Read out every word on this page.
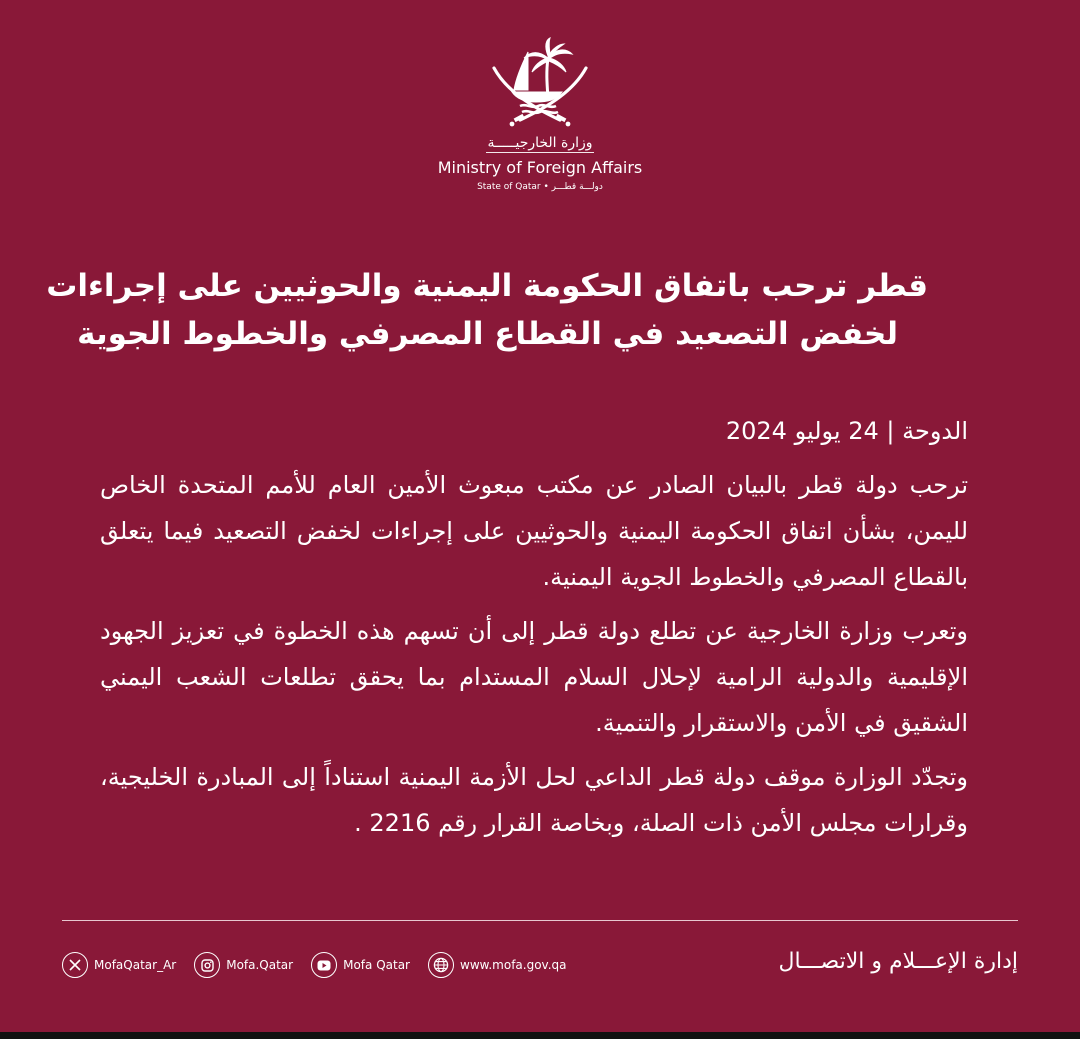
وزارة الخارجيـــــة
Ministry of Foreign Affairs
State of Qatar • دولـــة قطـــر
قطر ترحب باتفاق الحكومة اليمنية والحوثيين على إجراءات
لخفض التصعيد في القطاع المصرفي والخطوط الجوية

الدوحة | 24 يوليو 2024

ترحب دولة قطر بالبيان الصادر عن مكتب مبعوث الأمين العام للأمم المتحدة الخاص لليمن، بشأن اتفاق الحكومة اليمنية والحوثيين على إجراءات لخفض التصعيد فيما يتعلق بالقطاع المصرفي والخطوط الجوية اليمنية.

وتعرب وزارة الخارجية عن تطلع دولة قطر إلى أن تسهم هذه الخطوة في تعزيز الجهود الإقليمية والدولية الرامية لإحلال السلام المستدام بما يحقق تطلعات الشعب اليمني الشقيق في الأمن والاستقرار والتنمية.

وتجدّد الوزارة موقف دولة قطر الداعي لحل الأزمة اليمنية استناداً إلى المبادرة الخليجية، وقرارات مجلس الأمن ذات الصلة، وبخاصة القرار رقم 2216 .

MofaQatar_Ar	Mofa.Qatar	Mofa Qatar	www.mofa.gov.qa	إدارة الإعـــلام و الاتصـــال
